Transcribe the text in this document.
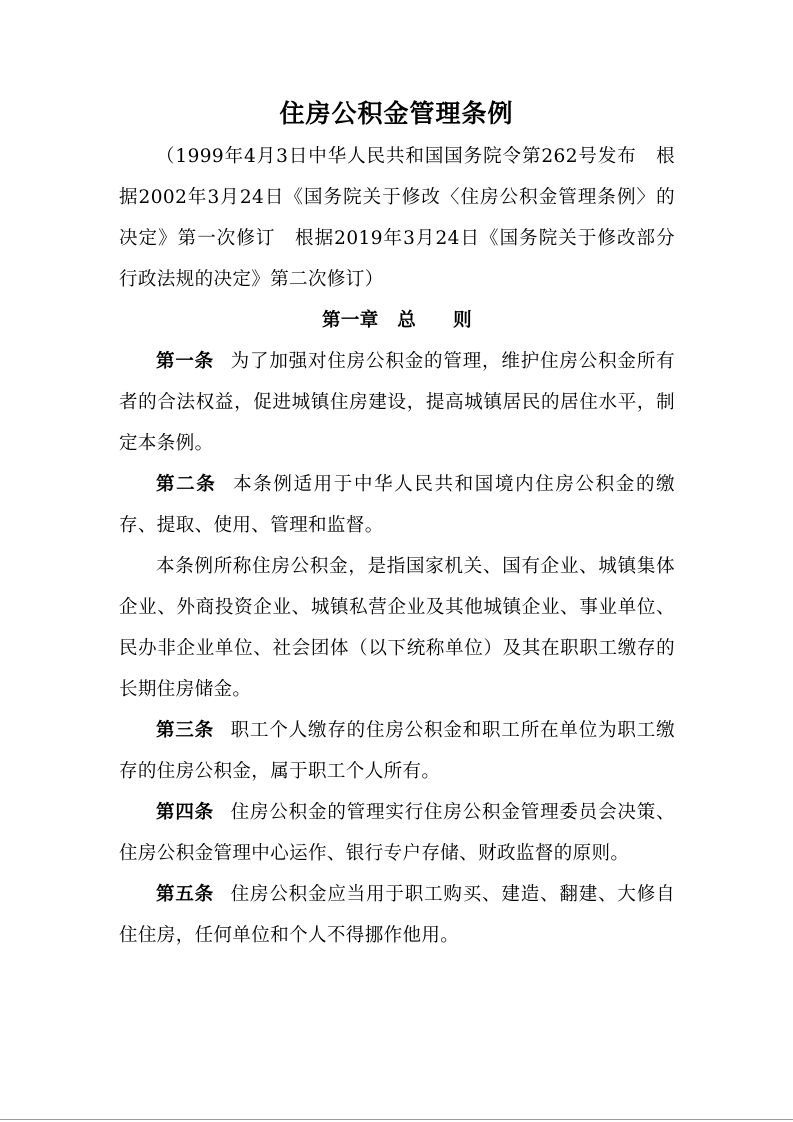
住房公积金管理条例

（1999年4月3日中华人民共和国国务院令第262号发布　根据2002年3月24日《国务院关于修改〈住房公积金管理条例〉的决定》第一次修订　根据2019年3月24日《国务院关于修改部分行政法规的决定》第二次修订）

第一章 总 则

第一条 为了加强对住房公积金的管理，维护住房公积金所有者的合法权益，促进城镇住房建设，提高城镇居民的居住水平，制定本条例。

第二条 本条例适用于中华人民共和国境内住房公积金的缴存、提取、使用、管理和监督。

本条例所称住房公积金，是指国家机关、国有企业、城镇集体企业、外商投资企业、城镇私营企业及其他城镇企业、事业单位、民办非企业单位、社会团体（以下统称单位）及其在职职工缴存的长期住房储金。

第三条 职工个人缴存的住房公积金和职工所在单位为职工缴存的住房公积金，属于职工个人所有。

第四条 住房公积金的管理实行住房公积金管理委员会决策、住房公积金管理中心运作、银行专户存储、财政监督的原则。

第五条 住房公积金应当用于职工购买、建造、翻建、大修自住住房，任何单位和个人不得挪作他用。
